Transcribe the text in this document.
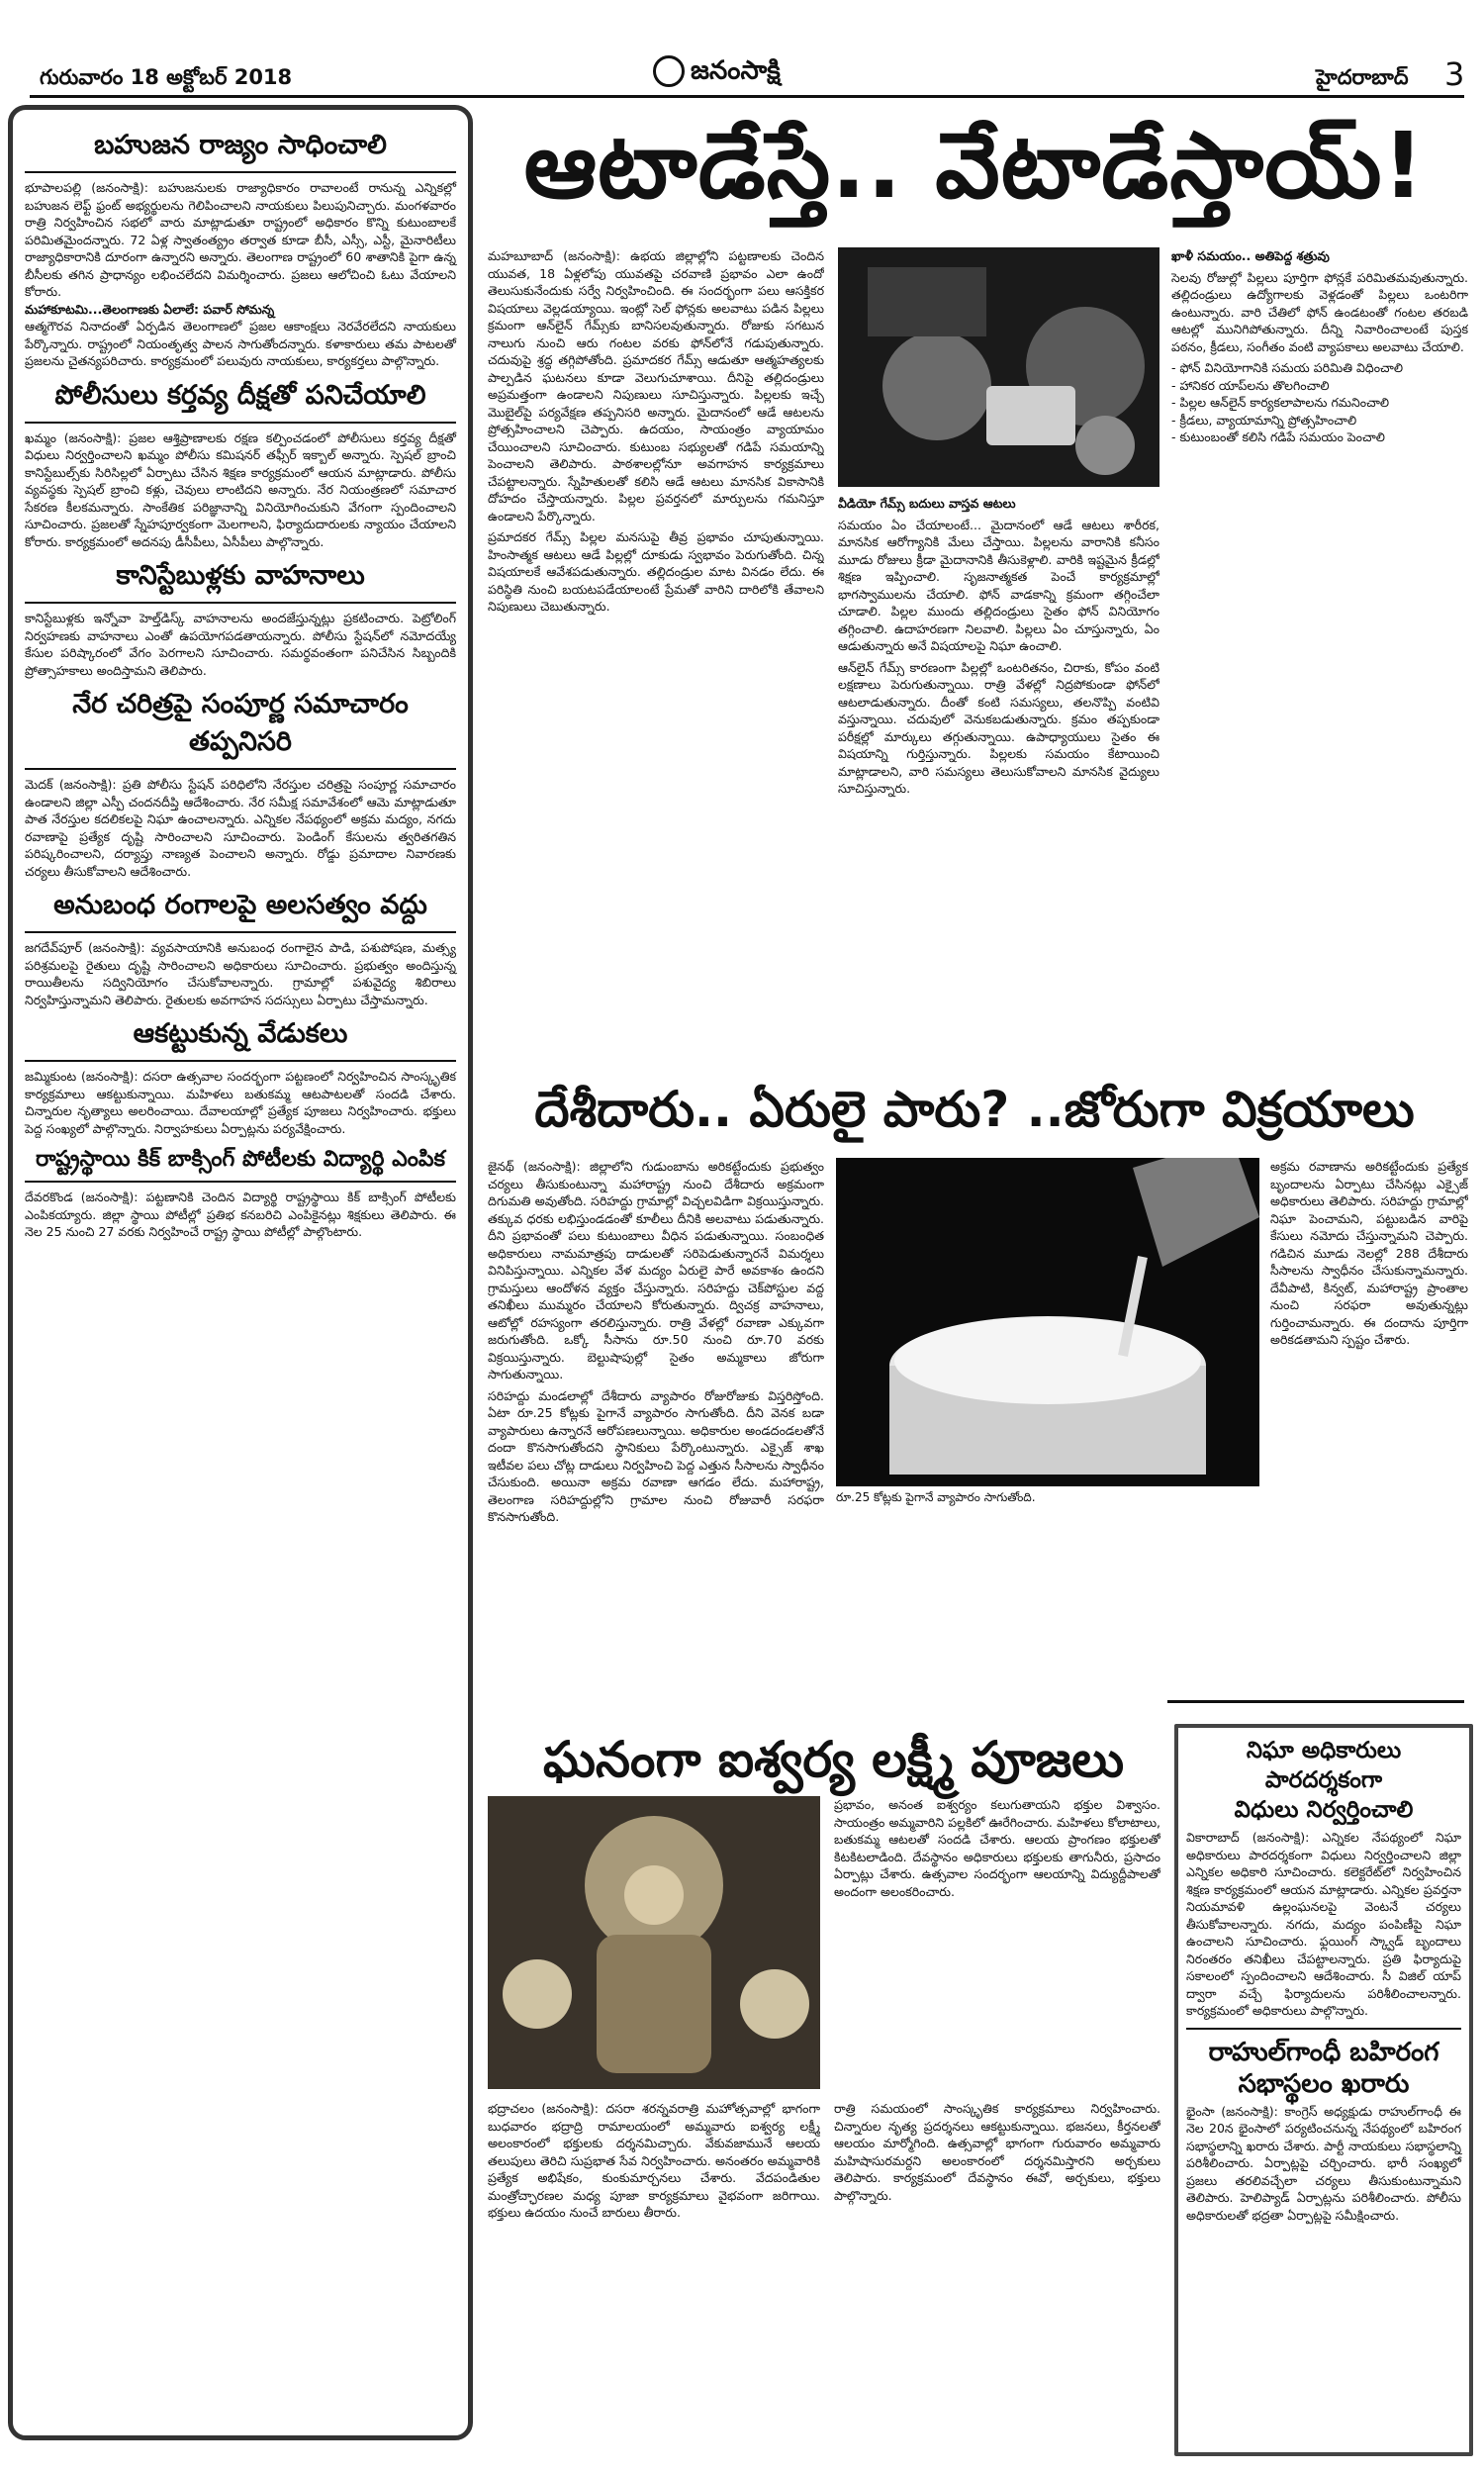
గురువారం 18 అక్టోబర్ 2018	జనంసాక్షి	హైదరాబాద్ 3
బహుజన రాజ్యం సాధించాలి

భూపాలపల్లి (జనంసాక్షి): బహుజనులకు రాజ్యాధికారం రావాలంటే రానున్న ఎన్నికల్లో బహుజన లెఫ్ట్ ఫ్రంట్ అభ్యర్థులను గెలిపించాలని నాయకులు పిలుపునిచ్చారు. మంగళవారం రాత్రి నిర్వహించిన సభలో వారు మాట్లాడుతూ రాష్ట్రంలో అధికారం కొన్ని కుటుంబాలకే పరిమితమైందన్నారు. 72 ఏళ్ల స్వాతంత్య్రం తర్వాత కూడా బీసీ, ఎస్సీ, ఎస్టీ, మైనారిటీలు రాజ్యాధికారానికి దూరంగా ఉన్నారని అన్నారు. తెలంగాణ రాష్ట్రంలో 60 శాతానికి పైగా ఉన్న బీసీలకు తగిన ప్రాధాన్యం లభించలేదని విమర్శించారు. ప్రజలు ఆలోచించి ఓటు వేయాలని కోరారు.

మహాకూటమి...తెలంగాణకు ఏలాలే: పవార్ సోమన్న

ఆత్మగౌరవ నినాదంతో ఏర్పడిన తెలంగాణలో ప్రజల ఆకాంక్షలు నెరవేరలేదని నాయకులు పేర్కొన్నారు. రాష్ట్రంలో నియంతృత్వ పాలన సాగుతోందన్నారు. కళాకారులు తమ పాటలతో ప్రజలను చైతన్యపరిచారు. కార్యక్రమంలో పలువురు నాయకులు, కార్యకర్తలు పాల్గొన్నారు.

పోలీసులు కర్తవ్య దీక్షతో పనిచేయాలి

ఖమ్మం (జనంసాక్షి): ప్రజల ఆశ్తిప్రాణాలకు రక్షణ కల్పించడంలో పోలీసులు కర్తవ్య దీక్షతో విధులు నిర్వర్తించాలని ఖమ్మం పోలీసు కమిషనర్ తఫ్సీర్ ఇక్బాల్ అన్నారు. స్పెషల్ బ్రాంచి కానిస్టేబుల్స్‌కు సిరిసిల్లలో ఏర్పాటు చేసిన శిక్షణ కార్యక్రమంలో ఆయన మాట్లాడారు. పోలీసు వ్యవస్థకు స్పెషల్ బ్రాంచి కళ్లు, చెవులు లాంటిదని అన్నారు. నేర నియంత్రణలో సమాచార సేకరణ కీలకమన్నారు. సాంకేతిక పరిజ్ఞానాన్ని వినియోగించుకుని వేగంగా స్పందించాలని సూచించారు. ప్రజలతో స్నేహపూర్వకంగా మెలగాలని, ఫిర్యాదుదారులకు న్యాయం చేయాలని కోరారు. కార్యక్రమంలో అదనపు డీసీపీలు, ఏసీపీలు పాల్గొన్నారు.

కానిస్టేబుళ్లకు వాహనాలు

కానిస్టేబుళ్లకు ఇన్నోవా హెల్త్‌డిస్క్ వాహనాలను అందజేస్తున్నట్లు ప్రకటించారు. పెట్రోలింగ్ నిర్వహణకు వాహనాలు ఎంతో ఉపయోగపడతాయన్నారు. పోలీసు స్టేషన్‌లో నమోదయ్యే కేసుల పరిష్కారంలో వేగం పెరగాలని సూచించారు. సమర్థవంతంగా పనిచేసిన సిబ్బందికి ప్రోత్సాహకాలు అందిస్తామని తెలిపారు.

నేర చరిత్రపై సంపూర్ణ సమాచారం తప్పనిసరి

మెదక్ (జనంసాక్షి): ప్రతి పోలీసు స్టేషన్ పరిధిలోని నేరస్తుల చరిత్రపై సంపూర్ణ సమాచారం ఉండాలని జిల్లా ఎస్పీ చందనదీప్తి ఆదేశించారు. నేర సమీక్ష సమావేశంలో ఆమె మాట్లాడుతూ పాత నేరస్తుల కదలికలపై నిఘా ఉంచాలన్నారు. ఎన్నికల నేపథ్యంలో అక్రమ మద్యం, నగదు రవాణాపై ప్రత్యేక దృష్టి సారించాలని సూచించారు. పెండింగ్ కేసులను త్వరితగతిన పరిష్కరించాలని, దర్యాప్తు నాణ్యత పెంచాలని అన్నారు. రోడ్డు ప్రమాదాల నివారణకు చర్యలు తీసుకోవాలని ఆదేశించారు.

అనుబంధ రంగాలపై అలసత్వం వద్దు

జగదేవ్‌పూర్ (జనంసాక్షి): వ్యవసాయానికి అనుబంధ రంగాలైన పాడి, పశుపోషణ, మత్స్య పరిశ్రమలపై రైతులు దృష్టి సారించాలని అధికారులు సూచించారు. ప్రభుత్వం అందిస్తున్న రాయితీలను సద్వినియోగం చేసుకోవాలన్నారు. గ్రామాల్లో పశువైద్య శిబిరాలు నిర్వహిస్తున్నామని తెలిపారు. రైతులకు అవగాహన సదస్సులు ఏర్పాటు చేస్తామన్నారు.

ఆకట్టుకున్న వేడుకలు

జమ్మికుంట (జనంసాక్షి): దసరా ఉత్సవాల సందర్భంగా పట్టణంలో నిర్వహించిన సాంస్కృతిక కార్యక్రమాలు ఆకట్టుకున్నాయి. మహిళలు బతుకమ్మ ఆటపాటలతో సందడి చేశారు. చిన్నారుల నృత్యాలు అలరించాయి. దేవాలయాల్లో ప్రత్యేక పూజలు నిర్వహించారు. భక్తులు పెద్ద సంఖ్యలో పాల్గొన్నారు. నిర్వాహకులు ఏర్పాట్లను పర్యవేక్షించారు.

రాష్ట్రస్థాయి కిక్ బాక్సింగ్ పోటీలకు విద్యార్థి ఎంపిక

దేవరకొండ (జనంసాక్షి): పట్టణానికి చెందిన విద్యార్థి రాష్ట్రస్థాయి కిక్ బాక్సింగ్ పోటీలకు ఎంపికయ్యారు. జిల్లా స్థాయి పోటీల్లో ప్రతిభ కనబరిచి ఎంపికైనట్లు శిక్షకులు తెలిపారు. ఈ నెల 25 నుంచి 27 వరకు నిర్వహించే రాష్ట్ర స్థాయి పోటీల్లో పాల్గొంటారు.

ఆటాడేస్తే.. వేటాడేస్తాయ్!

మహబూబాద్ (జనంసాక్షి): ఉభయ జిల్లాల్లోని పట్టణాలకు చెందిన యువత, 18 ఏళ్లలోపు యువతపై చరవాణి ప్రభావం ఎలా ఉందో తెలుసుకునేందుకు సర్వే నిర్వహించింది. ఈ సందర్భంగా పలు ఆసక్తికర విషయాలు వెల్లడయ్యాయి. ఇంట్లో సెల్ ఫోన్లకు అలవాటు పడిన పిల్లలు క్రమంగా ఆన్‌లైన్ గేమ్స్‌కు బానిసలవుతున్నారు. రోజుకు సగటున నాలుగు నుంచి ఆరు గంటల వరకు ఫోన్‌లోనే గడుపుతున్నారు. చదువుపై శ్రద్ధ తగ్గిపోతోంది. ప్రమాదకర గేమ్స్ ఆడుతూ ఆత్మహత్యలకు పాల్పడిన ఘటనలు కూడా వెలుగుచూశాయి. దీనిపై తల్లిదండ్రులు అప్రమత్తంగా ఉండాలని నిపుణులు సూచిస్తున్నారు. పిల్లలకు ఇచ్చే మొబైల్‌పై పర్యవేక్షణ తప్పనిసరి అన్నారు. మైదానంలో ఆడే ఆటలను ప్రోత్సహించాలని చెప్పారు. ఉదయం, సాయంత్రం వ్యాయామం చేయించాలని సూచించారు. కుటుంబ సభ్యులతో గడిపే సమయాన్ని పెంచాలని తెలిపారు. పాఠశాలల్లోనూ అవగాహన కార్యక్రమాలు చేపట్టాలన్నారు. స్నేహితులతో కలిసి ఆడే ఆటలు మానసిక వికాసానికి దోహదం చేస్తాయన్నారు. పిల్లల ప్రవర్తనలో మార్పులను గమనిస్తూ ఉండాలని పేర్కొన్నారు.

ప్రమాదకర గేమ్స్ పిల్లల మనసుపై తీవ్ర ప్రభావం చూపుతున్నాయి. హింసాత్మక ఆటలు ఆడే పిల్లల్లో దూకుడు స్వభావం పెరుగుతోంది. చిన్న విషయాలకే ఆవేశపడుతున్నారు. తల్లిదండ్రుల మాట వినడం లేదు. ఈ పరిస్థితి నుంచి బయటపడేయాలంటే ప్రేమతో వారిని దారిలోకి తేవాలని నిపుణులు చెబుతున్నారు.

వీడియో గేమ్స్ బదులు వాస్తవ ఆటలు

సమయం ఏం చేయాలంటే... మైదానంలో ఆడే ఆటలు శారీరక, మానసిక ఆరోగ్యానికి మేలు చేస్తాయి. పిల్లలను వారానికి కనీసం మూడు రోజులు క్రీడా మైదానానికి తీసుకెళ్లాలి. వారికి ఇష్టమైన క్రీడల్లో శిక్షణ ఇప్పించాలి. సృజనాత్మకత పెంచే కార్యక్రమాల్లో భాగస్వాములను చేయాలి. ఫోన్ వాడకాన్ని క్రమంగా తగ్గించేలా చూడాలి. పిల్లల ముందు తల్లిదండ్రులు సైతం ఫోన్ వినియోగం తగ్గించాలి. ఉదాహరణగా నిలవాలి. పిల్లలు ఏం చూస్తున్నారు, ఏం ఆడుతున్నారు అనే విషయాలపై నిఘా ఉంచాలి.

ఆన్‌లైన్ గేమ్స్ కారణంగా పిల్లల్లో ఒంటరితనం, చిరాకు, కోపం వంటి లక్షణాలు పెరుగుతున్నాయి. రాత్రి వేళల్లో నిద్రపోకుండా ఫోన్‌లో ఆటలాడుతున్నారు. దీంతో కంటి సమస్యలు, తలనొప్పి వంటివి వస్తున్నాయి. చదువులో వెనుకబడుతున్నారు. క్రమం తప్పకుండా పరీక్షల్లో మార్కులు తగ్గుతున్నాయి. ఉపాధ్యాయులు సైతం ఈ విషయాన్ని గుర్తిస్తున్నారు. పిల్లలకు సమయం కేటాయించి మాట్లాడాలని, వారి సమస్యలు తెలుసుకోవాలని మానసిక వైద్యులు సూచిస్తున్నారు.

ఖాళీ సమయం.. అతిపెద్ద శత్రువు

సెలవు రోజుల్లో పిల్లలు పూర్తిగా ఫోన్లకే పరిమితమవుతున్నారు. తల్లిదండ్రులు ఉద్యోగాలకు వెళ్లడంతో పిల్లలు ఒంటరిగా ఉంటున్నారు. వారి చేతిలో ఫోన్ ఉండటంతో గంటల తరబడి ఆటల్లో మునిగిపోతున్నారు. దీన్ని నివారించాలంటే పుస్తక పఠనం, క్రీడలు, సంగీతం వంటి వ్యాపకాలు అలవాటు చేయాలి.

- ఫోన్ వినియోగానికి సమయ పరిమితి విధించాలి
- హానికర యాప్‌లను తొలగించాలి
- పిల్లల ఆన్‌లైన్ కార్యకలాపాలను గమనించాలి
- క్రీడలు, వ్యాయామాన్ని ప్రోత్సహించాలి
- కుటుంబంతో కలిసి గడిపే సమయం పెంచాలి

దేశీదారు.. ఏరులై పారు? ..జోరుగా విక్రయాలు

జైనథ్ (జనంసాక్షి): జిల్లాలోని గుడుంబాను అరికట్టేందుకు ప్రభుత్వం చర్యలు తీసుకుంటున్నా మహారాష్ట్ర నుంచి దేశీదారు అక్రమంగా దిగుమతి అవుతోంది. సరిహద్దు గ్రామాల్లో విచ్చలవిడిగా విక్రయిస్తున్నారు. తక్కువ ధరకు లభిస్తుండడంతో కూలీలు దీనికి అలవాటు పడుతున్నారు. దీని ప్రభావంతో పలు కుటుంబాలు వీధిన పడుతున్నాయి. సంబంధిత అధికారులు నామమాత్రపు దాడులతో సరిపెడుతున్నారనే విమర్శలు వినిపిస్తున్నాయి. ఎన్నికల వేళ మద్యం ఏరులై పారే అవకాశం ఉందని గ్రామస్తులు ఆందోళన వ్యక్తం చేస్తున్నారు. సరిహద్దు చెక్‌పోస్టుల వద్ద తనిఖీలు ముమ్మరం చేయాలని కోరుతున్నారు. ద్విచక్ర వాహనాలు, ఆటోల్లో రహస్యంగా తరలిస్తున్నారు. రాత్రి వేళల్లో రవాణా ఎక్కువగా జరుగుతోంది. ఒక్కో సీసాను రూ.50 నుంచి రూ.70 వరకు విక్రయిస్తున్నారు. బెల్టుషాపుల్లో సైతం అమ్మకాలు జోరుగా సాగుతున్నాయి.

సరిహద్దు మండలాల్లో దేశీదారు వ్యాపారం రోజురోజుకు విస్తరిస్తోంది. ఏటా రూ.25 కోట్లకు పైగానే వ్యాపారం సాగుతోంది. దీని వెనక బడా వ్యాపారులు ఉన్నారనే ఆరోపణలున్నాయి. అధికారుల అండదండలతోనే దందా కొనసాగుతోందని స్థానికులు పేర్కొంటున్నారు. ఎక్సైజ్ శాఖ ఇటీవల పలు చోట్ల దాడులు నిర్వహించి పెద్ద ఎత్తున సీసాలను స్వాధీనం చేసుకుంది. అయినా అక్రమ రవాణా ఆగడం లేదు. మహారాష్ట్ర, తెలంగాణ సరిహద్దుల్లోని గ్రామాల నుంచి రోజువారీ సరఫరా కొనసాగుతోంది.

రూ.25 కోట్లకు పైగానే వ్యాపారం సాగుతోంది.

అక్రమ రవాణాను అరికట్టేందుకు ప్రత్యేక బృందాలను ఏర్పాటు చేసినట్లు ఎక్సైజ్ అధికారులు తెలిపారు. సరిహద్దు గ్రామాల్లో నిఘా పెంచామని, పట్టుబడిన వారిపై కేసులు నమోదు చేస్తున్నామని చెప్పారు. గడిచిన మూడు నెలల్లో 288 దేశీదారు సీసాలను స్వాధీనం చేసుకున్నామన్నారు. దేవీపాటి, కిన్వట్, మహారాష్ట్ర ప్రాంతాల నుంచి సరఫరా అవుతున్నట్లు గుర్తించామన్నారు. ఈ దందాను పూర్తిగా అరికడతామని స్పష్టం చేశారు.

ఘనంగా ఐశ్వర్య లక్ష్మీ పూజలు

ప్రభావం, అనంత ఐశ్వర్యం కలుగుతాయని భక్తుల విశ్వాసం. సాయంత్రం అమ్మవారిని పల్లకిలో ఊరేగించారు. మహిళలు కోలాటాలు, బతుకమ్మ ఆటలతో సందడి చేశారు. ఆలయ ప్రాంగణం భక్తులతో కిటకిటలాడింది. దేవస్థానం అధికారులు భక్తులకు తాగునీరు, ప్రసాదం ఏర్పాట్లు చేశారు. ఉత్సవాల సందర్భంగా ఆలయాన్ని విద్యుద్దీపాలతో అందంగా అలంకరించారు.

భద్రాచలం (జనంసాక్షి): దసరా శరన్నవరాత్రి మహోత్సవాల్లో భాగంగా బుధవారం భద్రాద్రి రామాలయంలో అమ్మవారు ఐశ్వర్య లక్ష్మీ అలంకారంలో భక్తులకు దర్శనమిచ్చారు. వేకువజామునే ఆలయ తలుపులు తెరిచి సుప్రభాత సేవ నిర్వహించారు. అనంతరం అమ్మవారికి ప్రత్యేక అభిషేకం, కుంకుమార్చనలు చేశారు. వేదపండితుల మంత్రోచ్ఛారణల మధ్య పూజా కార్యక్రమాలు వైభవంగా జరిగాయి. భక్తులు ఉదయం నుంచే బారులు తీరారు.

రాత్రి సమయంలో సాంస్కృతిక కార్యక్రమాలు నిర్వహించారు. చిన్నారుల నృత్య ప్రదర్శనలు ఆకట్టుకున్నాయి. భజనలు, కీర్తనలతో ఆలయం మార్మోగింది. ఉత్సవాల్లో భాగంగా గురువారం అమ్మవారు మహిషాసురమర్దని అలంకారంలో దర్శనమిస్తారని అర్చకులు తెలిపారు. కార్యక్రమంలో దేవస్థానం ఈవో, అర్చకులు, భక్తులు పాల్గొన్నారు.

నిఘా అధికారులు పారదర్శకంగా
విధులు నిర్వర్తించాలి

వికారాబాద్ (జనంసాక్షి): ఎన్నికల నేపథ్యంలో నిఘా అధికారులు పారదర్శకంగా విధులు నిర్వర్తించాలని జిల్లా ఎన్నికల అధికారి సూచించారు. కలెక్టరేట్‌లో నిర్వహించిన శిక్షణ కార్యక్రమంలో ఆయన మాట్లాడారు. ఎన్నికల ప్రవర్తనా నియమావళి ఉల్లంఘనలపై వెంటనే చర్యలు తీసుకోవాలన్నారు. నగదు, మద్యం పంపిణీపై నిఘా ఉంచాలని సూచించారు. ఫ్లయింగ్ స్క్వాడ్ బృందాలు నిరంతరం తనిఖీలు చేపట్టాలన్నారు. ప్రతి ఫిర్యాదుపై సకాలంలో స్పందించాలని ఆదేశించారు. సీ విజిల్ యాప్ ద్వారా వచ్చే ఫిర్యాదులను పరిశీలించాలన్నారు. కార్యక్రమంలో అధికారులు పాల్గొన్నారు.

రాహుల్‌గాంధీ బహిరంగ
సభాస్థలం ఖరారు

భైంసా (జనంసాక్షి): కాంగ్రెస్ అధ్యక్షుడు రాహుల్‌గాంధీ ఈ నెల 20న భైంసాలో పర్యటించనున్న నేపథ్యంలో బహిరంగ సభాస్థలాన్ని ఖరారు చేశారు. పార్టీ నాయకులు సభాస్థలాన్ని పరిశీలించారు. ఏర్పాట్లపై చర్చించారు. భారీ సంఖ్యలో ప్రజలు తరలివచ్చేలా చర్యలు తీసుకుంటున్నామని తెలిపారు. హెలిప్యాడ్ ఏర్పాట్లను పరిశీలించారు. పోలీసు అధికారులతో భద్రతా ఏర్పాట్లపై సమీక్షించారు.
